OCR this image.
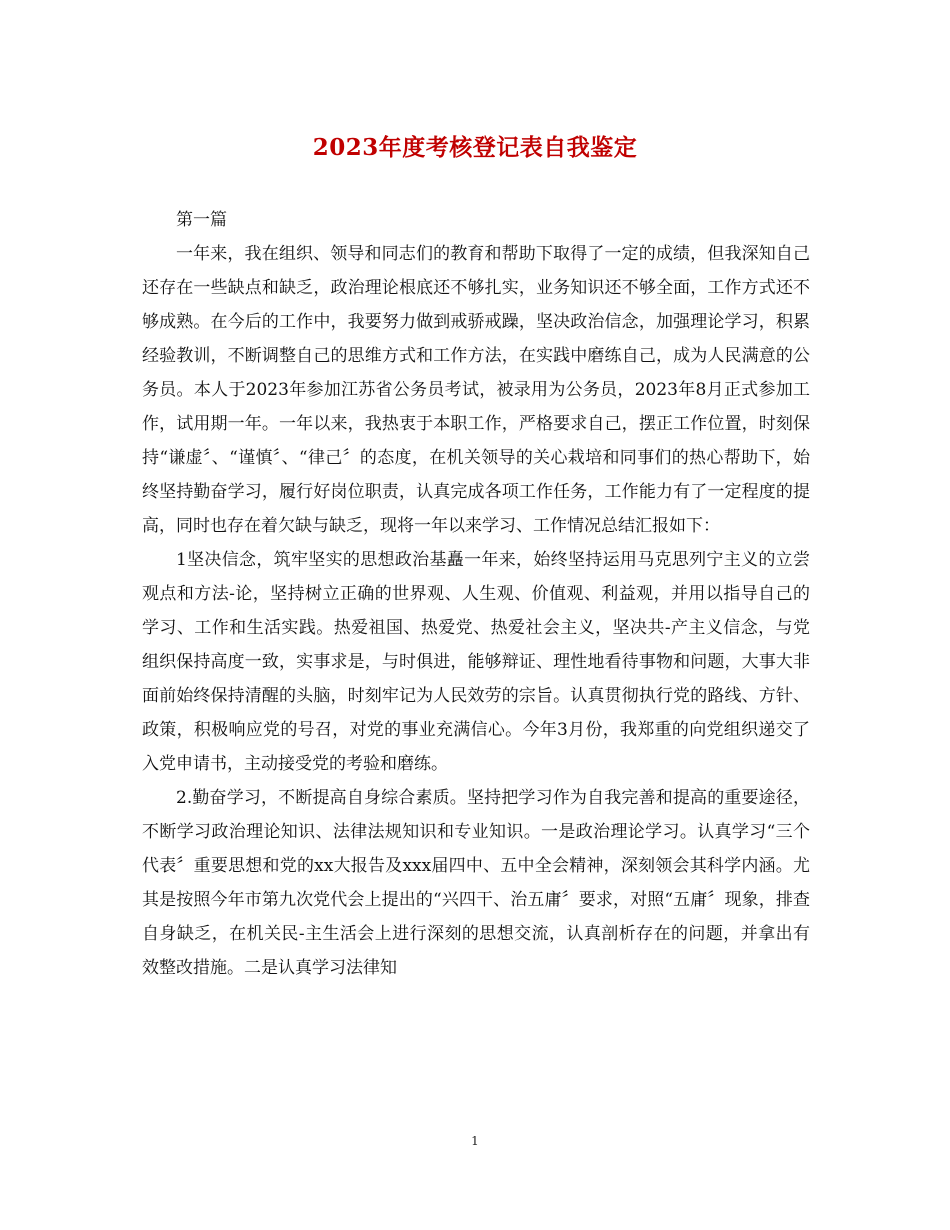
2023年度考核登记表自我鉴定

第一篇

一年来，我在组织、领导和同志们的教育和帮助下取得了一定的成绩，但我深知自己还存在一些缺点和缺乏，政治理论根底还不够扎实，业务知识还不够全面，工作方式还不够成熟。在今后的工作中，我要努力做到戒骄戒躁，坚决政治信念，加强理论学习，积累经验教训，不断调整自己的思维方式和工作方法，在实践中磨练自己，成为人民满意的公务员。本人于2023年参加江苏省公务员考试，被录用为公务员，2023年8月正式参加工作，试用期一年。一年以来，我热衷于本职工作，严格要求自己，摆正工作位置，时刻保持“谦虚〞、“谨慎〞、“律己〞的态度，在机关领导的关心栽培和同事们的热心帮助下，始终坚持勤奋学习，履行好岗位职责，认真完成各项工作任务，工作能力有了一定程度的提高，同时也存在着欠缺与缺乏，现将一年以来学习、工作情况总结汇报如下：

1坚决信念，筑牢坚实的思想政治基矗一年来，始终坚持运用马克思列宁主义的立尝观点和方法-论，坚持树立正确的世界观、人生观、价值观、利益观，并用以指导自己的学习、工作和生活实践。热爱祖国、热爱党、热爱社会主义，坚决共-产主义信念，与党组织保持高度一致，实事求是，与时俱进，能够辩证、理性地看待事物和问题，大事大非面前始终保持清醒的头脑，时刻牢记为人民效劳的宗旨。认真贯彻执行党的路线、方针、政策，积极响应党的号召，对党的事业充满信心。今年3月份，我郑重的向党组织递交了入党申请书，主动接受党的考验和磨练。

2.勤奋学习，不断提高自身综合素质。坚持把学习作为自我完善和提高的重要途径，不断学习政治理论知识、法律法规知识和专业知识。一是政治理论学习。认真学习“三个代表〞重要思想和党的xx大报告及xxx届四中、五中全会精神，深刻领会其科学内涵。尤其是按照今年市第九次党代会上提出的“兴四干、治五庸〞要求，对照“五庸〞现象，排查自身缺乏，在机关民-主生活会上进行深刻的思想交流，认真剖析存在的问题，并拿出有效整改措施。二是认真学习法律知

1
